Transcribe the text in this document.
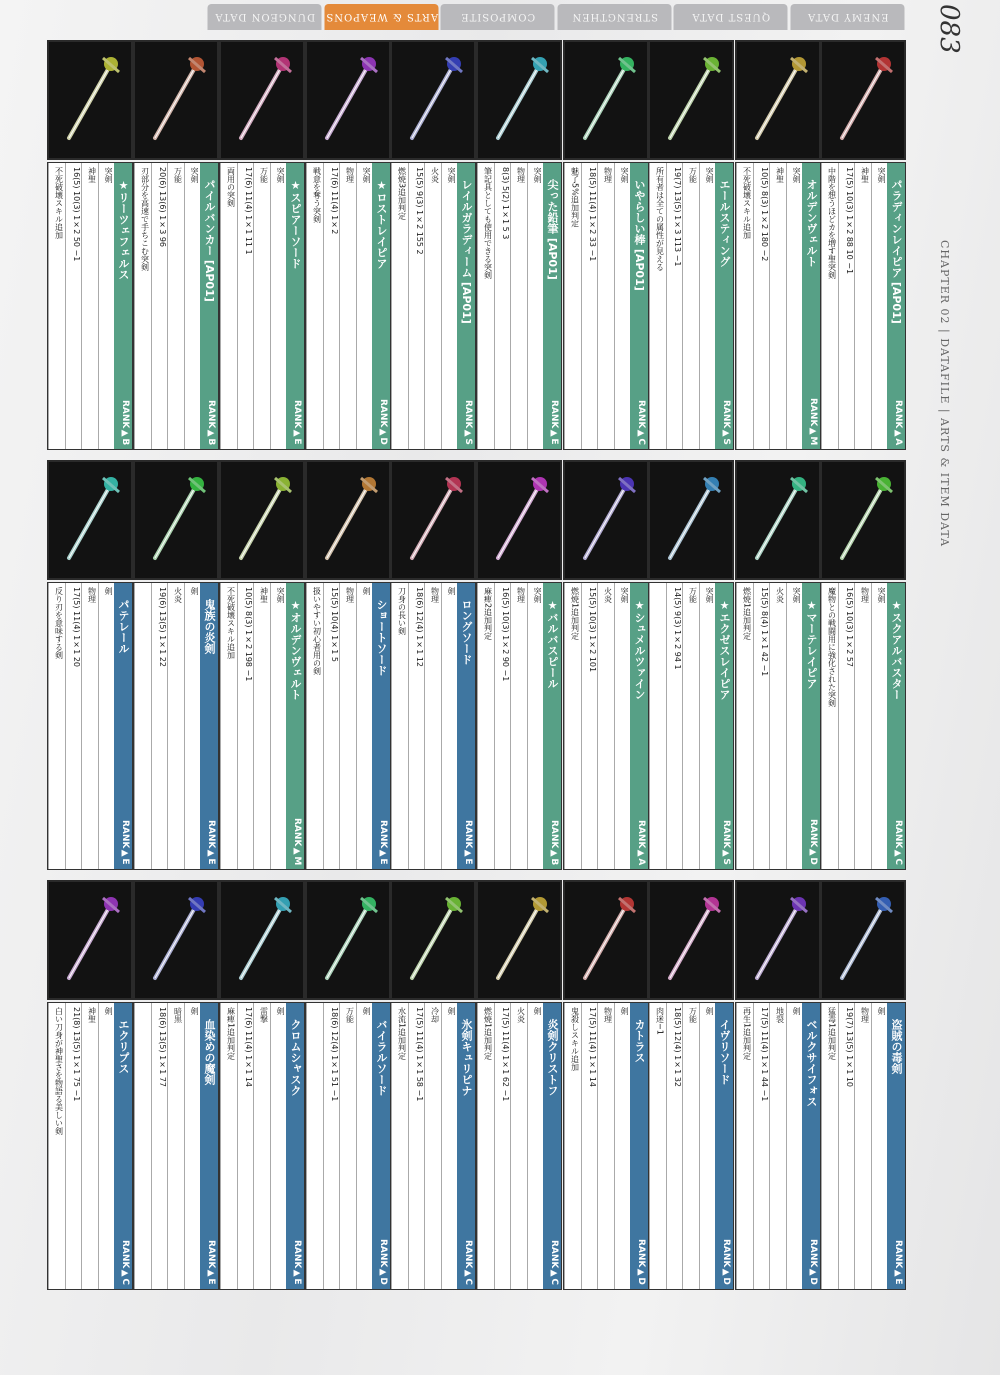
DUNGEON DATA ARTS & WEAPONS	COMPOSITE	STRENGTHEN	QUEST DATA	ENEMY DATA	083
CHAPTER 02 | DATAFILE | ARTS & ITEM DATA
パラディンレイピア [AP01]
RANK▶A
突剣
神聖
17(5) 10(3) 1×2 88 10 −1
中階を想うほどカを増す聖突剣
オルデンヴェルト
RANK▶M
突剣
神聖
10(5) 8(3) 1×2 180 −2
不死破壊スキル追加
エールスティング
RANK▶S
突剣
万能
19(7) 13(5) 1×3 113 −1
所有者は全ての属性が見える
いやらしい棒 [AP01]
RANK▶C
突剣
物理
18(5) 11(4) 1×2 33 −1
魅了5%追加判定
尖った鉛筆 [AP01]
RANK▶E
突剣
物理
8(3) 5(2) 1×1 5 3
筆記具としても使用できる突剣
レイルガラディーム [AP01]
RANK▶S
突剣
火炎
15(5) 9(3) 1×2 155 2
燃焼3追加判定
★ロストレイピア
RANK▶D
突剣
物理
17(6) 11(4) 1×2
戦意を奪う突剣
★スピアーソード
RANK▶E
突剣
万能
17(6) 11(4) 1×1 11 1
両用の突剣
パイルバンカー [AP01]
RANK▶B
突剣
万能
20(6) 13(6) 1×3 96
刃部分を高速で手ちこむ突剣
★リーツェフェルス
RANK▶B
突剣
神聖
16(5) 10(3) 1×2 50 −1
不死破壊スキル追加
★スクアルバスター
RANK▶C
突剣
物理
16(5) 10(3) 1×2 57
魔物との戦闘用に強化された突剣
★マーテレイピア
RANK▶D
突剣
火炎
15(5) 8(4) 1×1 42 −1
燃焼1追加判定
★エクゼスレイピア
RANK▶S
突剣
万能
14(5) 9(3) 1×2 94 1
★シュメルツァイン
RANK▶A
突剣
火炎
15(5) 10(3) 1×2 101
燃焼1追加判定
★バルバスピール
RANK▶B
突剣
物理
16(5) 10(3) 1×2 90 −1
麻痺2追加判定
ロングソード
RANK▶E
剣
物理
18(6) 12(4) 1×1 12
刀身の長い剣
ショートソード
RANK▶E
剣
物理
15(5) 10(4) 1×1 5
扱いやすい初心者用の剣
★オルデンヴェルト
RANK▶M
突剣
神聖
10(5) 8(3) 1×2 198 −1
不死破壊スキル追加
鬼族の炎剣
RANK▶E
剣
火炎
19(6) 13(5) 1×1 22
パテレール
RANK▶E
剣
物理
17(5) 11(4) 1×1 20
反り刃を意味する剣
盗賊の毒剣
RANK▶E
剣
物理
19(7) 13(5) 1×1 10
猛毒1追加判定
ベルクサイフォス
RANK▶D
剣
地裂
17(5) 11(4) 1×1 44 −1
再生1追加判定
イヴリソード
RANK▶D
剣
万能
18(5) 12(4) 1×1 32
肉迷−1
カトラス
RANK▶D
剣
物理
17(5) 11(4) 1×1 14
鬼殺しスキル追加
炎剣クリストフ
RANK▶C
剣
火炎
17(5) 11(4) 1×1 62 −1
燃焼1追加判定
氷剣キュリピナ
RANK▶C
剣
冷却
17(5) 11(4) 1×1 58 −1
水流1追加判定
バイラルソード
RANK▶D
剣
万能
18(6) 12(4) 1×1 51 −1
クロムシャスク
RANK▶E
剣
雷撃
17(6) 11(4) 1×1 14
麻痺1追加判定
血染めの魔剣
RANK▶E
剣
暗黒
18(6) 13(5) 1×1 77
エクリプス
RANK▶C
剣
神聖
21(8) 13(5) 1×1 75 −1
白い刀身が神聖さを物語る美しい剣
